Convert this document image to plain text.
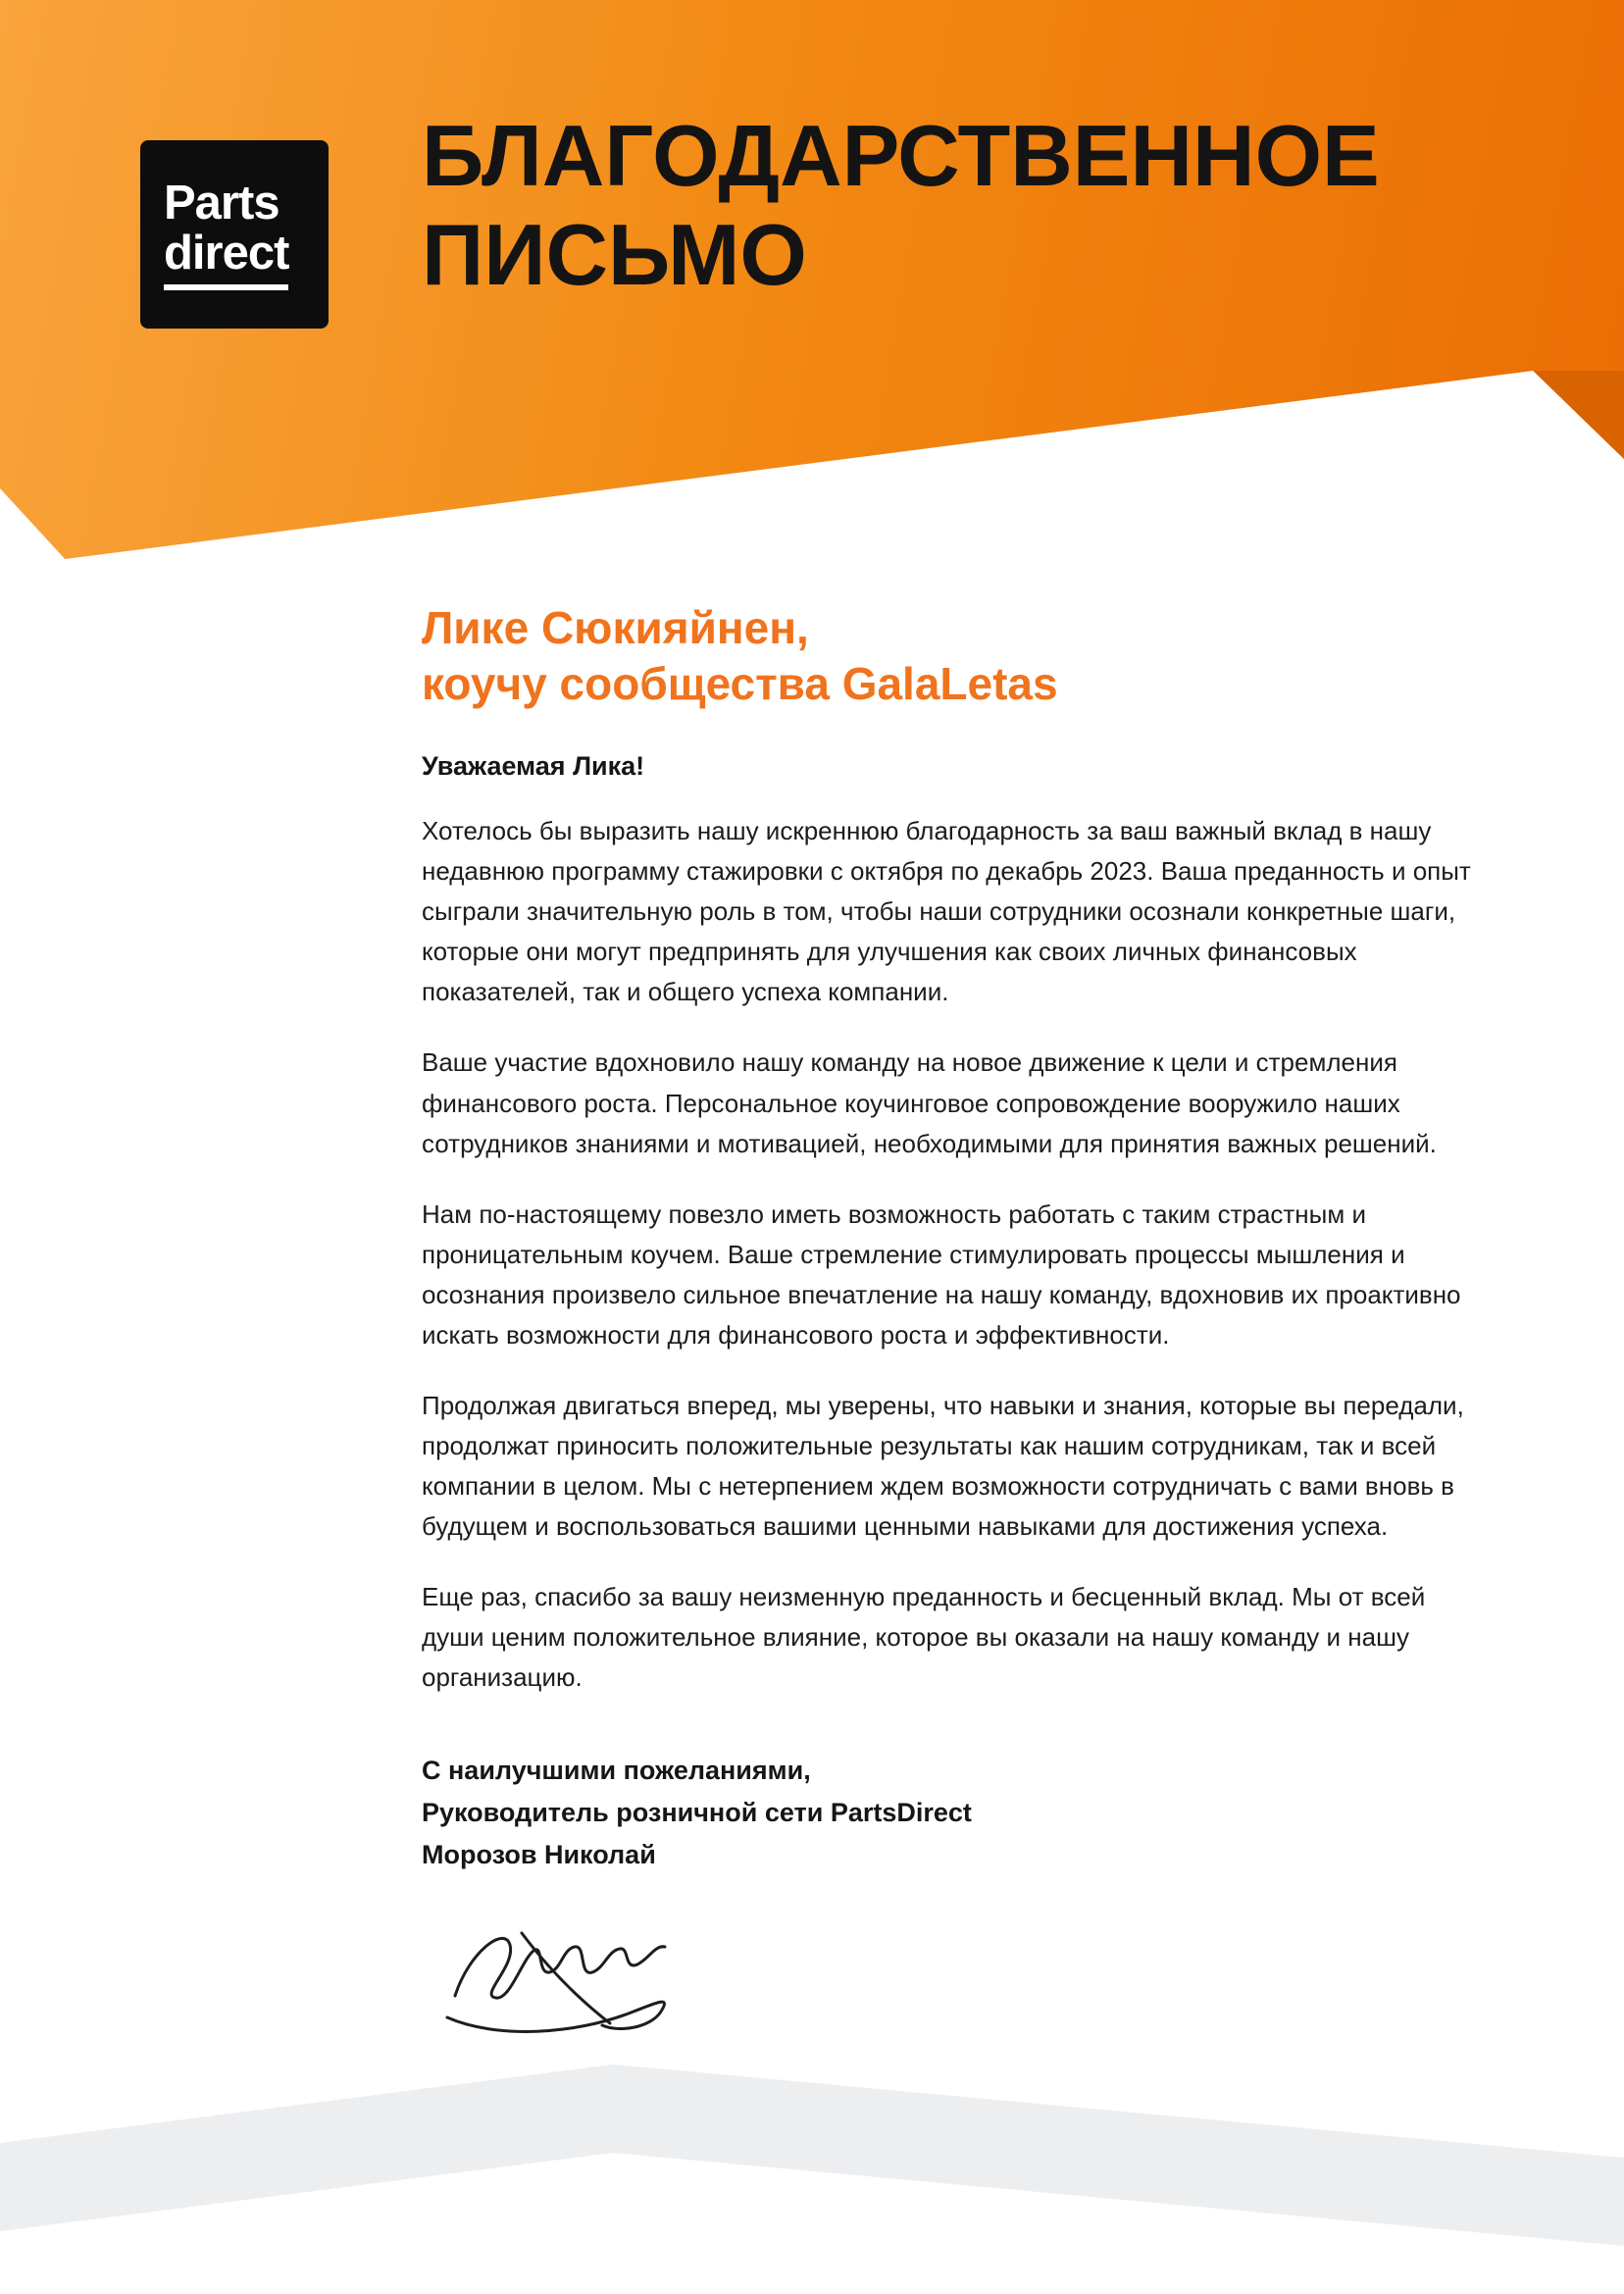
Parts
direct
БЛАГОДАРСТВЕННОЕ
ПИСЬМО
Лике Сюкияйнен,
коучу сообщества GalaLetas

Уважаемая Лика!

Хотелось бы выразить нашу искреннюю благодарность за ваш важный вклад в нашу недавнюю программу стажировки с октября по декабрь 2023. Ваша преданность и опыт сыграли значительную роль в том, чтобы наши сотрудники осознали конкретные шаги, которые они могут предпринять для улучшения как своих личных финансовых показателей, так и общего успеха компании.

Ваше участие вдохновило нашу команду на новое движение к цели и стремления финансового роста. Персональное коучинговое сопровождение вооружило наших сотрудников знаниями и мотивацией, необходимыми для принятия важных решений.

Нам по-настоящему повезло иметь возможность работать с таким страстным и проницательным коучем. Ваше стремление стимулировать процессы мышления и осознания произвело сильное впечатление на нашу команду, вдохновив их проактивно искать возможности для финансового роста и эффективности.

Продолжая двигаться вперед, мы уверены, что навыки и знания, которые вы передали, продолжат приносить положительные результаты как нашим сотрудникам, так и всей компании в целом. Мы с нетерпением ждем возможности сотрудничать с вами вновь в будущем и воспользоваться вашими ценными навыками для достижения успеха.

Еще раз, спасибо за вашу неизменную преданность и бесценный вклад. Мы от всей души ценим положительное влияние, которое вы оказали на нашу команду и нашу организацию.

С наилучшими пожеланиями,
Руководитель розничной сети PartsDirect
Морозов Николай
